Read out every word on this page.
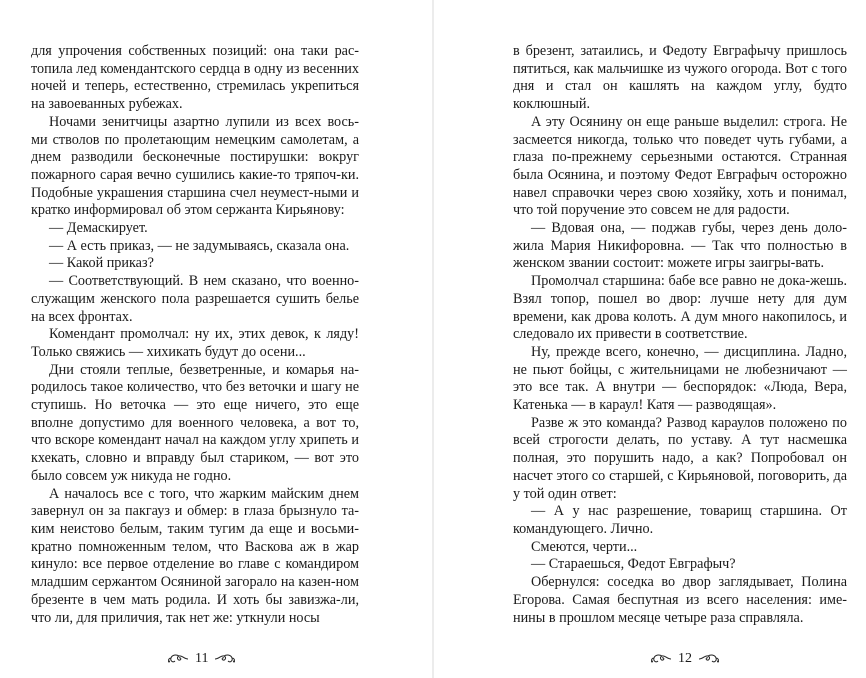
для упрочения собственных позиций: она таки рас-топила лед комендантского сердца в одну из весенних ночей и теперь, естественно, стремилась укрепиться на завоеванных рубежах.

Ночами зенитчицы азартно лупили из всех вось-ми стволов по пролетающим немецким самолетам, а днем разводили бесконечные постирушки: вокруг пожарного сарая вечно сушились какие-то тряпоч-ки. Подобные украшения старшина счел неумест-ными и кратко информировал об этом сержанта Кирьянову:

— Демаскирует.

— А есть приказ, — не задумываясь, сказала она.

— Какой приказ?

— Соответствующий. В нем сказано, что военно-служащим женского пола разрешается сушить белье на всех фронтах.

Комендант промолчал: ну их, этих девок, к ляду! Только свяжись — хихикать будут до осени...

Дни стояли теплые, безветренные, и комарья на-родилось такое количество, что без веточки и шагу не ступишь. Но веточка — это еще ничего, это еще вполне допустимо для военного человека, а вот то, что вскоре комендант начал на каждом углу хрипеть и кхекать, словно и вправду был стариком, — вот это было совсем уж никуда не годно.

А началось все с того, что жарким майским днем завернул он за пакгауз и обмер: в глаза брызнуло та-ким неистово белым, таким тугим да еще и восьми-кратно помноженным телом, что Васкова аж в жар кинуло: все первое отделение во главе с командиром младшим сержантом Осяниной загорало на казен-ном брезенте в чем мать родила. И хоть бы завизжа-ли, что ли, для приличия, так нет же: уткнули носы

11

в брезент, затаились, и Федоту Евграфычу пришлось пятиться, как мальчишке из чужого огорода. Вот с того дня и стал он кашлять на каждом углу, будто коклюшный.

А эту Осянину он еще раньше выделил: строга. Не засмеется никогда, только что поведет чуть губами, а глаза по-прежнему серьезными остаются. Странная была Осянина, и поэтому Федот Евграфыч осторожно навел справочки через свою хозяйку, хоть и понимал, что той поручение это совсем не для радости.

— Вдовая она, — поджав губы, через день доло-жила Мария Никифоровна. — Так что полностью в женском звании состоит: можете игры заигры-вать.

Промолчал старшина: бабе все равно не дока-жешь. Взял топор, пошел во двор: лучше нету для дум времени, как дрова колоть. А дум много накопилось, и следовало их привести в соответствие.

Ну, прежде всего, конечно, — дисциплина. Ладно, не пьют бойцы, с жительницами не любезничают — это все так. А внутри — беспорядок: «Люда, Вера, Катенька — в караул! Катя — разводящая».

Разве ж это команда? Развод караулов положено по всей строгости делать, по уставу. А тут насмешка полная, это порушить надо, а как? Попробовал он насчет этого со старшей, с Кирьяновой, поговорить, да у той один ответ:

— А у нас разрешение, товарищ старшина. От командующего. Лично.

Смеются, черти...

— Стараешься, Федот Евграфыч?

Обернулся: соседка во двор заглядывает, Полина Егорова. Самая беспутная из всего населения: име-нины в прошлом месяце четыре раза справляла.

12
